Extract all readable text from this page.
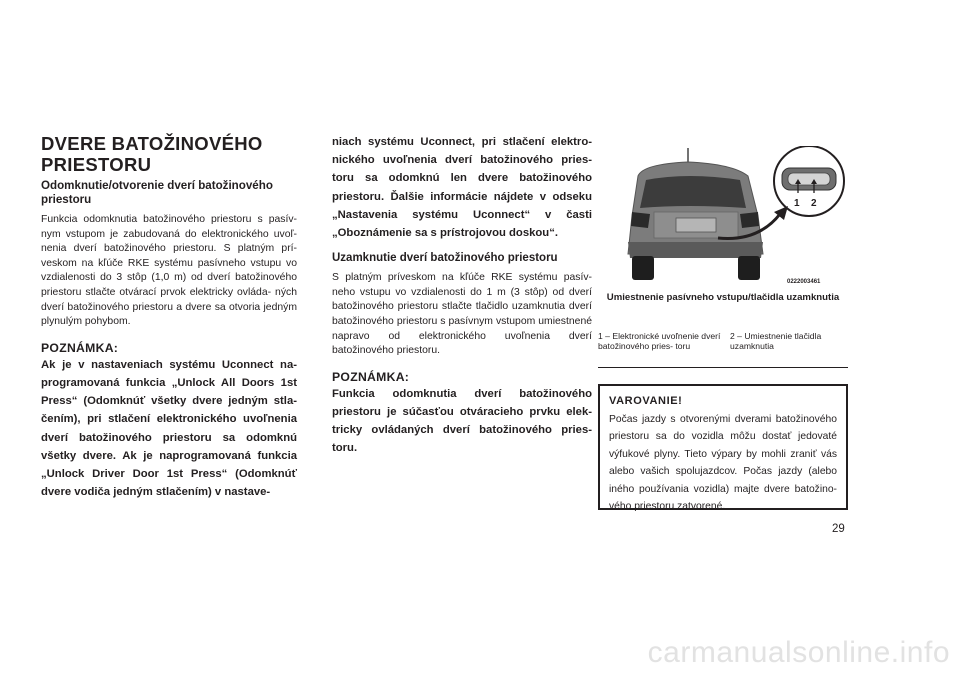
DVERE BATOŽINOVÉHO
PRIESTORU

Odomknutie/otvorenie dverí batožinového priestoru

Funkcia odomknutia batožinového priestoru s pasív- nym vstupom je zabudovaná do elektronického uvoľ- nenia dverí batožinového priestoru. S platným prí- veskom na kľúče RKE systému pasívneho vstupu vo vzdialenosti do 3 stôp (1,0 m) od dverí batožinového priestoru stlačte otvárací prvok elektricky ovláda- ných dverí batožinového priestoru a dvere sa otvoria jedným plynulým pohybom.

POZNÁMKA:

Ak je v nastaveniach systému Uconnect na- programovaná funkcia „Unlock All Doors 1st Press“ (Odomknúť všetky dvere jedným stla- čením), pri stlačení elektronického uvoľnenia dverí batožinového priestoru sa odomknú všetky dvere. Ak je naprogramovaná funkcia „Unlock Driver Door 1st Press“ (Odomknúť dvere vodiča jedným stlačením) v nastave-

niach systému Uconnect, pri stlačení elektro- nického uvoľnenia dverí batožinového pries- toru sa odomknú len dvere batožinového priestoru. Ďalšie informácie nájdete v odseku „Nastavenia systému Uconnect“ v časti „Oboznámenie sa s prístrojovou doskou“.

Uzamknutie dverí batožinového priestoru

S platným príveskom na kľúče RKE systému pasív- neho vstupu vo vzdialenosti do 1 m (3 stôp) od dverí batožinového priestoru stlačte tlačidlo uzamknutia dverí batožinového priestoru s pasívnym vstupom umiestnené napravo od elektronického uvoľnenia dverí batožinového priestoru.

POZNÁMKA:

Funkcia odomknutia dverí batožinového priestoru je súčasťou otváracieho prvku elek- tricky ovládaných dverí batožinového pries- toru.

1 2
0222003461

Umiestnenie pasívneho vstupu/tlačidla uzamknutia

1 – Elektronické uvoľnenie dverí batožinového pries- toru
2 – Umiestnenie tlačidla uzamknutia

VAROVANIE!

Počas jazdy s otvorenými dverami batožinového priestoru sa do vozidla môžu dostať jedovaté výfukové plyny. Tieto výpary by mohli zraniť vás alebo vašich spolujazdcov. Počas jazdy (alebo iného používania vozidla) majte dvere batožino- vého priestoru zatvorené.

29
carmanualsonline.info
